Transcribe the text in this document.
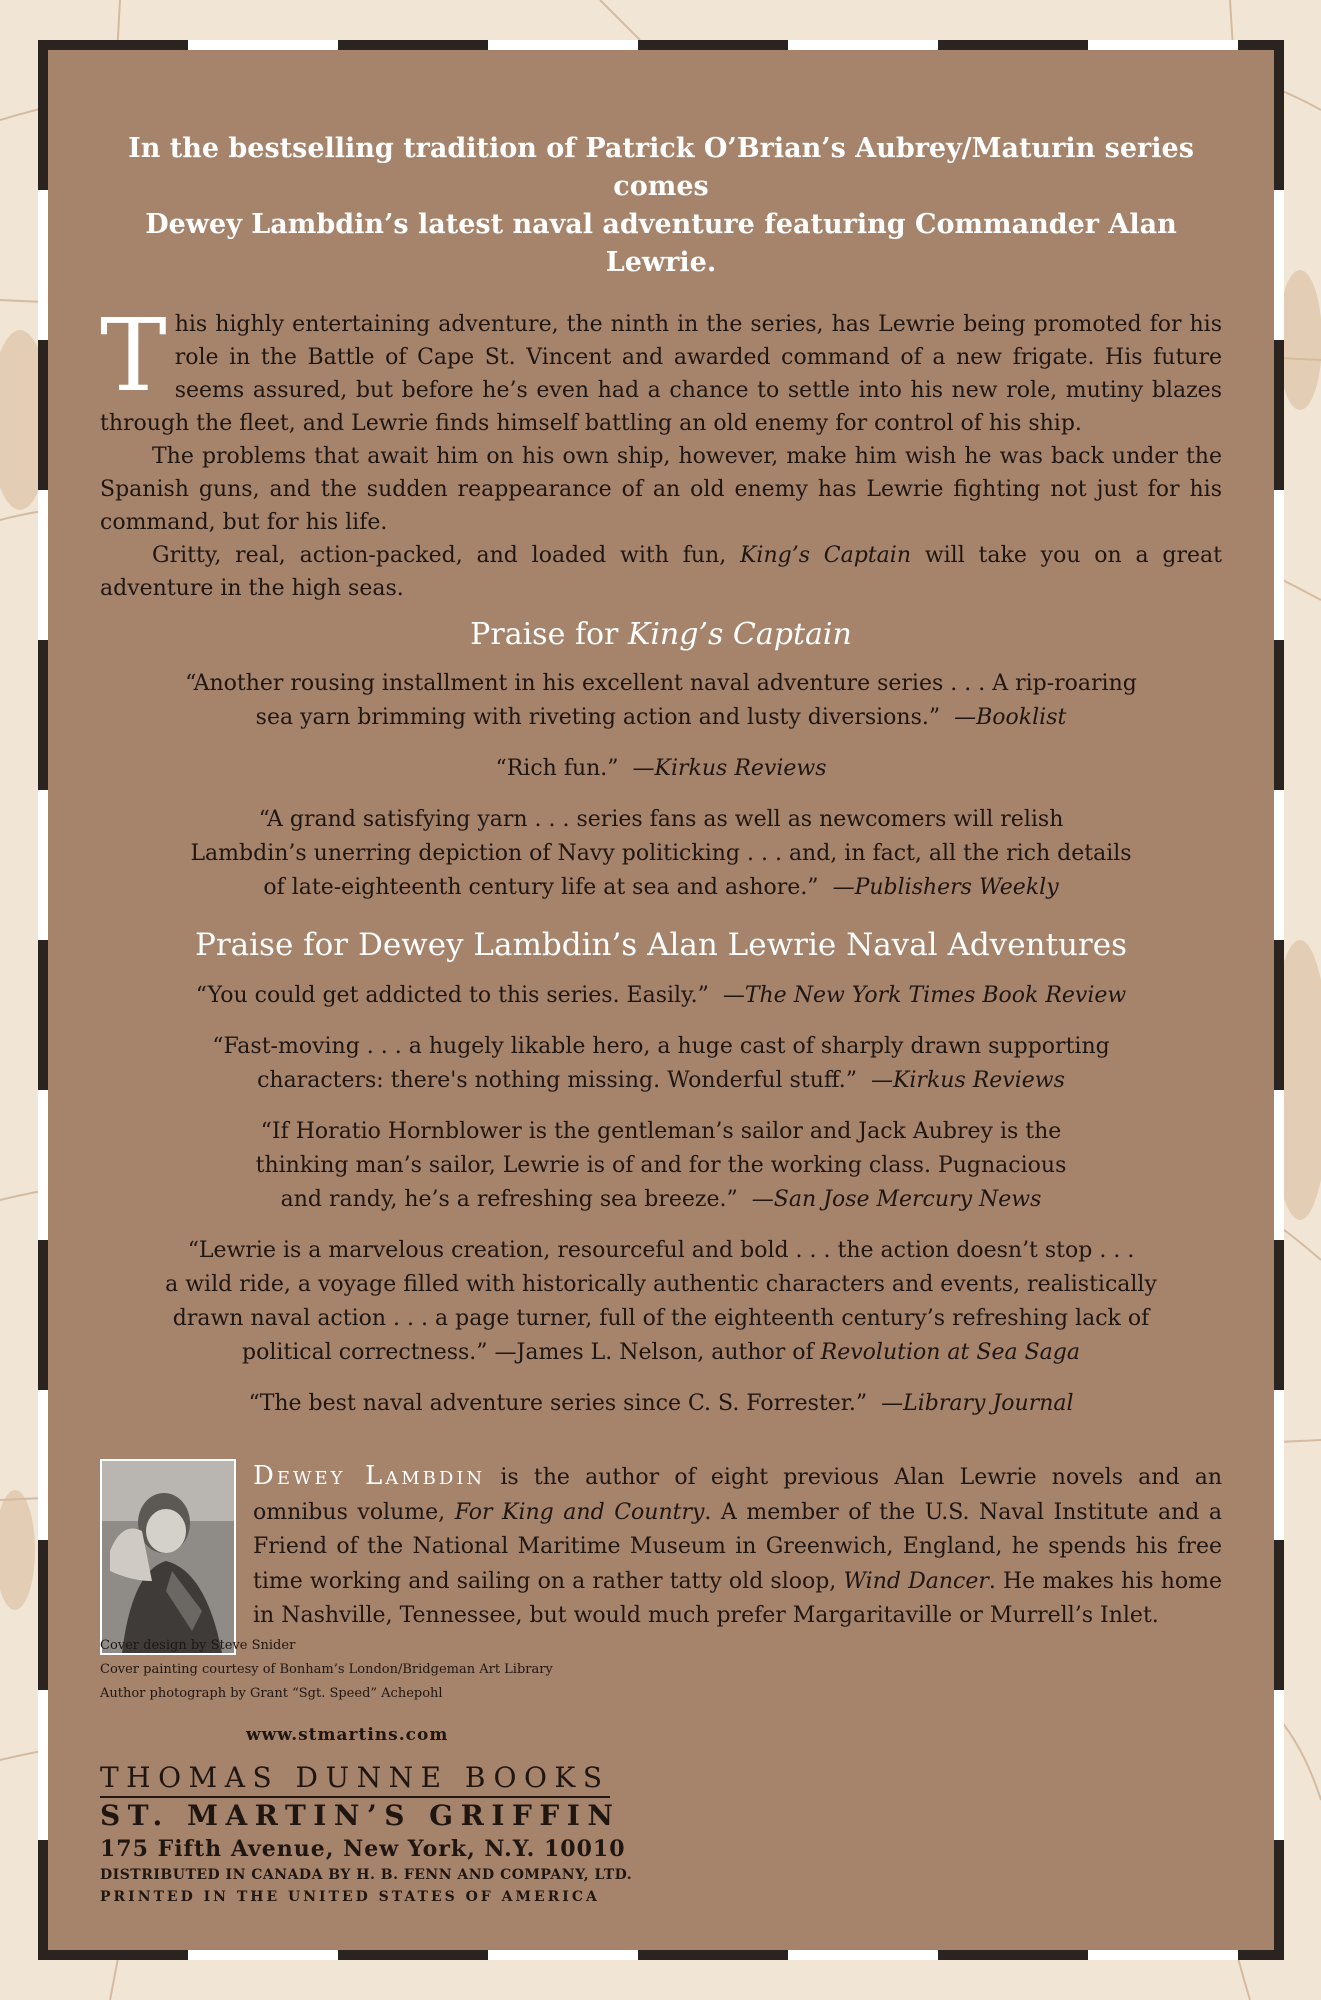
In the bestselling tradition of Patrick O’Brian’s Aubrey/Maturin series comes
Dewey Lambdin’s latest naval adventure featuring Commander Alan Lewrie.

This highly entertaining adventure, the ninth in the series, has Lewrie being promoted for his role in the Battle of Cape St. Vincent and awarded command of a new frigate. His future seems assured, but before he’s even had a chance to settle into his new role, mutiny blazes through the fleet, and Lewrie finds himself battling an old enemy for control of his ship.

The problems that await him on his own ship, however, make him wish he was back under the Spanish guns, and the sudden reappearance of an old enemy has Lewrie fighting not just for his command, but for his life.

Gritty, real, action-packed, and loaded with fun, King’s Captain will take you on a great adventure in the high seas.

Praise for King’s Captain
“Another rousing installment in his excellent naval adventure series . . . A rip-roaring
sea yarn brimming with riveting action and lusty diversions.” —Booklist
“Rich fun.” —Kirkus Reviews
“A grand satisfying yarn . . . series fans as well as newcomers will relish
Lambdin’s unerring depiction of Navy politicking . . . and, in fact, all the rich details
of late-eighteenth century life at sea and ashore.” —Publishers Weekly
Praise for Dewey Lambdin’s Alan Lewrie Naval Adventures
“You could get addicted to this series. Easily.” —The New York Times Book Review
“Fast-moving . . . a hugely likable hero, a huge cast of sharply drawn supporting
characters: there's nothing missing. Wonderful stuff.” —Kirkus Reviews
“If Horatio Hornblower is the gentleman’s sailor and Jack Aubrey is the
thinking man’s sailor, Lewrie is of and for the working class. Pugnacious
and randy, he’s a refreshing sea breeze.” —San Jose Mercury News
“Lewrie is a marvelous creation, resourceful and bold . . . the action doesn’t stop . . .
a wild ride, a voyage filled with historically authentic characters and events, realistically
drawn naval action . . . a page turner, full of the eighteenth century’s refreshing lack of
political correctness.” —James L. Nelson, author of Revolution at Sea Saga
“The best naval adventure series since C. S. Forrester.” —Library Journal
Dewey Lambdin is the author of eight previous Alan Lewrie novels and an omnibus volume, For King and Country. A member of the U.S. Naval Institute and a Friend of the National Maritime Museum in Greenwich, England, he spends his free time working and sailing on a rather tatty old sloop, Wind Dancer. He makes his home in Nashville, Tennessee, but would much prefer Margaritaville or Murrell’s Inlet.
Cover design by Steve Snider
Cover painting courtesy of Bonham’s London/Bridgeman Art Library
Author photograph by Grant “Sgt. Speed” Achepohl
www.stmartins.com
THOMAS DUNNE BOOKS
ST. MARTIN’S GRIFFIN
175 Fifth Avenue, New York, N.Y. 10010
DISTRIBUTED IN CANADA BY H. B. FENN AND COMPANY, LTD.
PRINTED IN THE UNITED STATES OF AMERICA
